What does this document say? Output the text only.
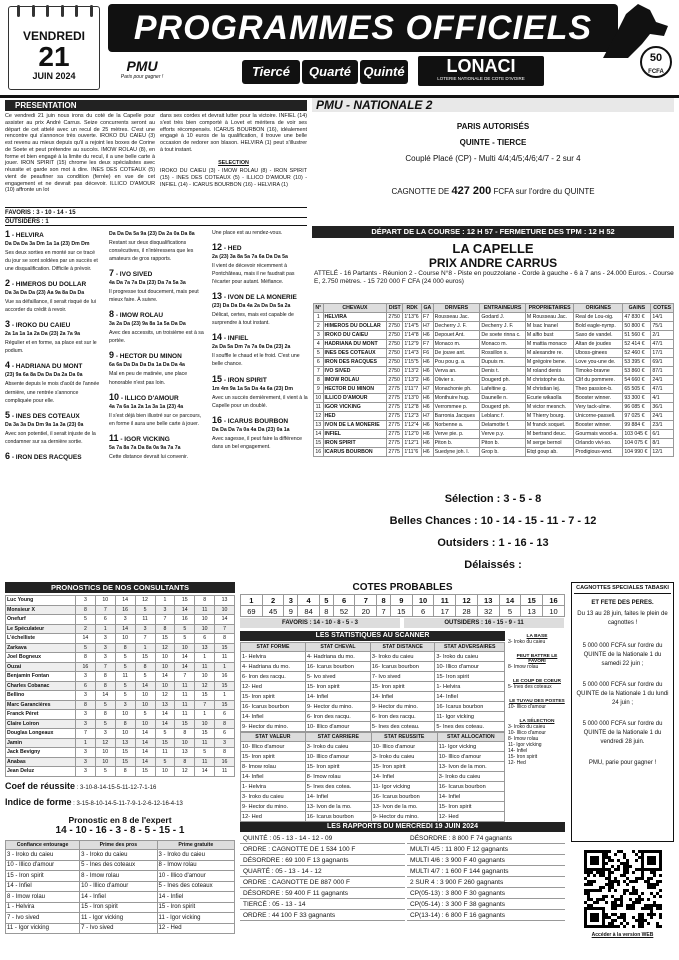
VENDREDI
21
JUIN 2024
PROGRAMMES OFFICIELS
50
FCFA
PMU
Paris pour gagner !	Tiercé	Quarté Quinté	LONACI
LOTERIE NATIONALE DE COTE D'IVOIRE
PRESENTATION
Ce vendredi 21 juin nous irons du coté de la Capelle pour assister au prix André Carrus. Seize concurrents seront au départ de cet attelé avec un recul de 25 mètres. C'est une rencontre qui s'annonce très ouverte. IROKO DU CAIEU (3) est revenu au mieux depuis qu'il a rejoint les boxes de Corine de Soete et peut prétendre au succès. IMOW ROLAU (8), en forme et bien engagé à la limite du recul, il a une belle carte à jouer. IRON SPIRIT (15) chrome les deux spécialistes avec réussite et garde son mot à dire. INES DES COTEAUX (5) vient de peaufiner sa condition (ferrée) en vue de cet engagement et ne devrait pas décevoir. ILLICO D'AMOUR (10) affronte un lot
dans ses cordes et devrait lutter pour la victoire. INFIEL (14) s'est très bien comporté à Lovet et méritera de voir ses efforts récompensés. ICARUS BOURBON (16), idéalement engagé à 10 euros de la qualification, il trouve une belle occasion de redorer son blason. HELVIRA (1) peut s'illustrer à tout instant.
SELECTION
IROKO DU CAIEU (3) - IMOW ROLAU (8) - IRON SPIRIT (15) - INES DES COTEAUX (5) - ILLICO D'AMOUR (10) - INFIEL (14) - ICARUS BOURBON (16) - HELVIRA (1)
FAVORIS : 3 - 10 - 14 - 15
OUTSIDERS : 1
1 - HELVIRA
Da Da Da 3a Dm 1a 1a (23) Dm Dm
Ses deux sorties en monté sur ce tracé du jour se sont soldées par un succès et une disqualification. Difficile à prévoir.
2 - HIMEROS DU DOLLAR
Da 3a Da Da (23) Aa 9a 8a Da Da
Vue sa défaillance, il serait risqué de lui accorder du crédit à revoir.
3 - IROKO DU CAIEU
2a 1a 1a 1a 2a Da (23) 2a 7a 9a
Régulier et en forme, sa place est sur le podium.
4 - HADRIANA DU MONT
(23) 9a 6a 8a Da Da Da 2a Da 0a
Absente depuis le mois d'août de l'année dernière, une rentrée s'annonce compliquée pour elle.
5 - INES DES COTEAUX
Da 3a 3a Da Dm 9a 1a 3a (23) 0a
Avec son potentiel, il serait injuste de la condamner sur sa dernière sortie.
6 - IRON DES RACQUES
Da Da Da 5a 9a (23) Da 2a 0a Da 8a
Restant sur deux disqualifications consécutives, il n'intéressera que les amateurs de gros rapports.
7 - IVO SIVED
4a Da 7a 7a Da (23) Da 7a 5a 3a
Il progresse tout doucement, mais peut mieux faire. À suivre.
8 - IMOW ROLAU
3a 2a Da (23) 9a 8a 1a 5a Da Da
Avec des accessits, un troisième est à sa portée.
9 - HECTOR DU MINON
6a 6a Da Da Da Da 1a Da Da 4a
Mal en peu de matinée, une place honorable n'est pas loin.
10 - ILLICO D'AMOUR
4a 7a 6a 1a 2a 1a 3a 1a (23) 4a
Il s'est déjà bien illustré sur ce parcours, en forme il aura une belle carte à jouer.
11 - IGOR VICKING
5a 7a 8a 7a Da 8a 0a 9a 7a 7a
Cette distance devrait lui convenir.
Une place est au rendez-vous.
12 - HED
2a (23) 3a 8a 5a 7a 6a Da Da 5a
Il vient de décevoir récemment à Pontchâteau, mais il ne faudrait pas l'écarter pour autant. Méfiance.
13 - IVON DE LA MONERIE
(23) Da Da Da 4a 2a Da Da 5a 2a
Délicat, certes, mais est capable de surprendre à tout instant.
14 - INFIEL
2a Da 5a Dm 7a 7a 0a Da (23) 2a
Il souffle le chaud et le froid. C'est une belle chance.
15 - IRON SPIRIT
1m 4m 9a 1a 5a Da 4a 6a (23) Dm
Avec un succès dernièrement, il vient à la Capelle pour un doublé.
16 - ICARUS BOURBON
Da Da Da 7a 0a 4a Da (23) 0a 1a
Avec sagesse, il peut faire la différence dans un bel engagement.
PMU - NATIONALE 2
PARIS AUTORISÉS
QUINTE - TIERCE
Couplé Placé (CP) - Multi 4/4;4/5;4/6;4/7 - 2 sur 4
CAGNOTTE DE 427 200 FCFA sur l'ordre du QUINTE
DÉPART DE LA COURSE : 12 H 57 - FERMETURE DES TPM : 12 H 52
LA CAPELLE
PRIX ANDRE CARRUS
ATTELÉ - 16 Partants - Réunion 2 - Course N°8 - Piste en pouzzolane - Corde à gauche - 6 à 7 ans - 24.000 Euros. - Course E, 2.750 mètres. - 15 720 000 F CFA (24 000 euros)
N°	CHEVAUX	DIST	RDK	GA	DRIVERS	ENTRAINEURS	PROPRIETAIRES	ORIGINES	GAINS	COTES
1	HELVIRA	2750	1'13"6	F7	Rousseau Jac.	Godard J.	M Rousseau Jac.	Real de Lou-oig.	47 830 €	14/1
2	HIMEROS DU DOLLAR	2750	1'14"5	H7	Decherry J. F.	Decherry J. F.	M Isac Inanel	Bold eagle-nymp.	50 800 €	75/1
3	IROKO DU CAIEU	2750	1'14"8	H6	Depouet Ant.	De soete rinna c.	M alfio bust	Saxo de vandel.	51 560 €	2/1
4	HADRIANA DU MONT	2750	1'12"9	F7	Monaco m.	Monaco m.	M mattia monaco	Altan de joudes	52 414 €	47/1
5	INES DES COTEAUX	2750	1'14"3	F6	De jouve ant.	Rossillon s.	M alexandre re.	Uboss-ginees	52 460 €	17/1
6	IRON DES RACQUES	2750	1'15"5	H6	Pou pou g. a.	Dupuis m.	M grégoire bene.	Love you-une de.	53 395 €	69/1
7	IVO SIVED	2750	1'13"2	H6	Verva an.	Denis t.	M roland denis	Timoko-bravne	53 860 €	87/1
8	IMOW ROLAU	2750	1'13"2	H6	Olivier s.	Dougerd ph.	M christophe du.	Clif du pommere.	54 660 €	24/1
9	HECTOR DU MINON	2775	1'11"7	H7	Monachonie ph.	Lafeltine g.	M christian lej.	Theo passion-b.	65 505 €	47/1
10	ILLICO D'AMOUR	2775	1'13"0	H6	Monthuire hug.	Daunelle n.	Ecurie wikaolla	Booster winner.	93 300 €	4/1
11	IGOR VICKING	2775	1'12"8	H6	Verrommee p.	Dougerd ph.	M victor mesnch.	Very tack-ulme.	96 085 €	36/1
12	HED	2775	1'12"3	H7	Barronia Jacques	Leblanc f.	M Thierry bourg.	Unicorne-passell.	97 025 €	24/1
13	IVON DE LA MONERIE	2775	1'12"4	H6	Norbenne a.	Delamotte f.	M franck soquet.	Booster winner.	99 884 €	23/1
14	INFIEL	2775	1'12"0	H6	Verve pie. p.	Verve p.y.	M bertrand deuc.	Gourmais wood-a.	103 045 €	6/1
15	IRON SPIRIT	2775	1'12"1	H6	Piton b.	Piton b.	M serge bernol	Orlando vivi-so.	104 075 €	8/1
16	ICARUS BOURBON	2775	1'11"6	H6	Suedyne joh. l.	Grop b.	Etqt goup ab.	Prodigious-wnd.	104 990 €	12/1
Sélection : 3 - 5 - 8
Belles Chances : 10 - 14 - 15 - 11 - 7 - 12
Outsiders : 1 - 16 - 13
Délaissés :
PRONOSTICS DE NOS CONSULTANTS
Luc Young	3	10	14	12	1	15	8	13
Monsieur X	8	7	16	5	3	14	11	10
Onefurf	5	6	3	11	7	16	10	14
Le Spéculateur	2	1	14	3	8	5	10	7
L'échelliste	14	3	10	7	15	5	6	8
Zarkava	5	3	8	1	12	10	13	15
Joel Bogneux	8	3	5	15	10	14	1	11
Ouzai	16	7	5	8	10	14	11	1
Benjamin Fontan	3	8	11	5	14	7	10	16
Charles Cobanac	6	8	5	14	10	11	12	15
Bellino	3	14	5	10	12	11	15	1
Marc Garancières	8	5	3	10	13	11	7	15
Franck Péret	3	8	10	5	14	11	1	6
Claire Loiron	3	5	8	10	14	15	10	8
Douglas Longeaux	7	3	10	14	5	8	15	6
Jamin	1	12	13	14	15	10	11	3
Jack Bevigny	3	10	15	14	11	13	5	8
Anabas	3	10	15	14	5	8	11	16
Jean Deluz	3	5	8	15	10	12	14	11
Coef de réussite : 3-10-8-14-15-5-11-12-7-1-16
Indice de forme : 3-15-8-10-14-5-11-7-9-1-2-6-12-16-4-13
Pronostic en 8 de l'expert
14 - 10 - 16 - 3 - 8 - 5 - 15 - 1
Confiance entourage	Prime des pros	Prime gratuite
3 - Iroko du caieu	3 - Iroko du caieu	3 - Iroko du caieu
10 - Illico d'amour	5 - Ines des coteaux	8 - Imow rolau
15 - Iron spirit	8 - Imow rolau	10 - Illico d'amour
14 - Infiel	10 - Illico d'amour	5 - Ines des coteaux
8 - Imow rolau	14 - Infiel	14 - Infiel
1 - Helvira	15 - Iron spirit	15 - Iron spirit
7 - Ivo sived	11 - Igor vicking	11 - Igor vicking
11 - Igor vicking	7 - Ivo sived	12 - Hed
COTES PROBABLES
1	2	3	4	5	6	7	8	9	10	11	12	13	14	15	16
69	45	9	84	8	52	20	7	15	6	17	28	32	5	13	10
FAVORIS : 14 - 10 - 8 - 5 - 3	OUTSIDERS : 16 - 15 - 9 - 11
LES STATISTIQUES AU SCANNER
STAT FORME	STAT CHEVAL	STAT DISTANCE	STAT ADVERSAIRES
1- Helvira	4- Hadriana du mo.	3- Iroko du caieu	3- Iroko du caieu
4- Hadriana du mo.	16- Icarus bourbon	16- Icarus bourbon	10- Illico d'amour
6- Iron des racqu.	5- Ivo sived	7- Ivo sived	15- Iron spirit
12- Hed	15- Iron spirit	15- Iron spirit	1- Helvira
15- Iron spirit	14- Infiel	14- Infiel	14- Infiel
16- Icarus bourbon	9- Hector du mino.	9- Hector du mino.	16- Icarus bourbon
14- Infiel	6- Iron des racqu.	6- Iron des racqu.	11- Igor vicking
9- Hector du mino.	10- Illico d'amour	5- Ines des coteau.	5- Ines des coteau.
STAT VALEUR	STAT CARRIERE	STAT REUSSITE	STAT ALLOCATION
10- Illico d'amour	3- Iroko du caieu	10- Illico d'amour	11- Igor vicking
15- Iron spirit	10- Illico d'amour	3- Iroko du caieu	10- Illico d'amour
8- Imow rolau	15- Iron spirit	15- Iron spirit	13- Ivon de la mon.
14- Infiel	8- Imow rolau	14- Infiel	3- Iroko du caieu
1- Helvira	5- Ines des cotea.	11- Igor vicking	16- Icarus bourbon
3- Iroko du caieu	14- Infiel	16- Icarus bourbon	14- Infiel
9- Hector du mino.	13- Ivon de la mo.	13- Ivon de la mo.	15- Iron spirit
12- Hed	16- Icarus bourbon	9- Hector du mino.	12- Hed
LA BASE
3- Iroko du caieu
PEUT BATTRE LE FAVORI
8- Imow rolau
LE COUP DE COEUR
5- Ines des coteaux
LE TUYAU DES POSTES
10- Illico d'amour
LA SÉLECTION
3- Iroko du caieu
10- Illico d'amour
8- Imow rolau
11- Igor vicking
14- Infiel
15- Iron spirit
12- Hed
LES RAPPORTS DU MERCREDI 19 JUIN 2024
QUINTÉ : 05 - 13 - 14 - 12 - 09
ORDRE : CAGNOTTE DE 1 534 100 F
DÉSORDRE : 69 100 F 13 gagnants
QUARTÉ : 05 - 13 - 14 - 12
ORDRE : CAGNOTTE DE 887 000 F
DÉSORDRE : 59 400 F 11 gagnants
TIERCÉ : 05 - 13 - 14
ORDRE : 44 100 F 33 gagnants
DÉSORDRE : 8 800 F 74 gagnants
MULTI 4/5 : 11 800 F 12 gagnants
MULTI 4/6 : 3 900 F 40 gagnants
MULTI 4/7 : 1 600 F 144 gagnants
2 SUR 4 : 3 900 F 260 gagnants
CP(05-13) : 3 800 F 30 gagnants
CP(05-14) : 3 300 F 38 gagnants
CP(13-14) : 6 800 F 16 gagnants
CAGNOTTES SPECIALES TABASKI
ET FETE DES PERES.
Du 13 au 28 juin, faites le plein de cagnottes !
5 000 000 FCFA sur l'ordre du QUINTE de la Nationale 1 du samedi 22 juin ;
5 000 000 FCFA sur l'ordre du QUINTE de la Nationale 1 du lundi 24 juin ;
5 000 000 FCFA sur l'ordre du QUINTE de la Nationale 1 du vendredi 28 juin.
PMU, parie pour gagner !
Accéder à la version WEB
